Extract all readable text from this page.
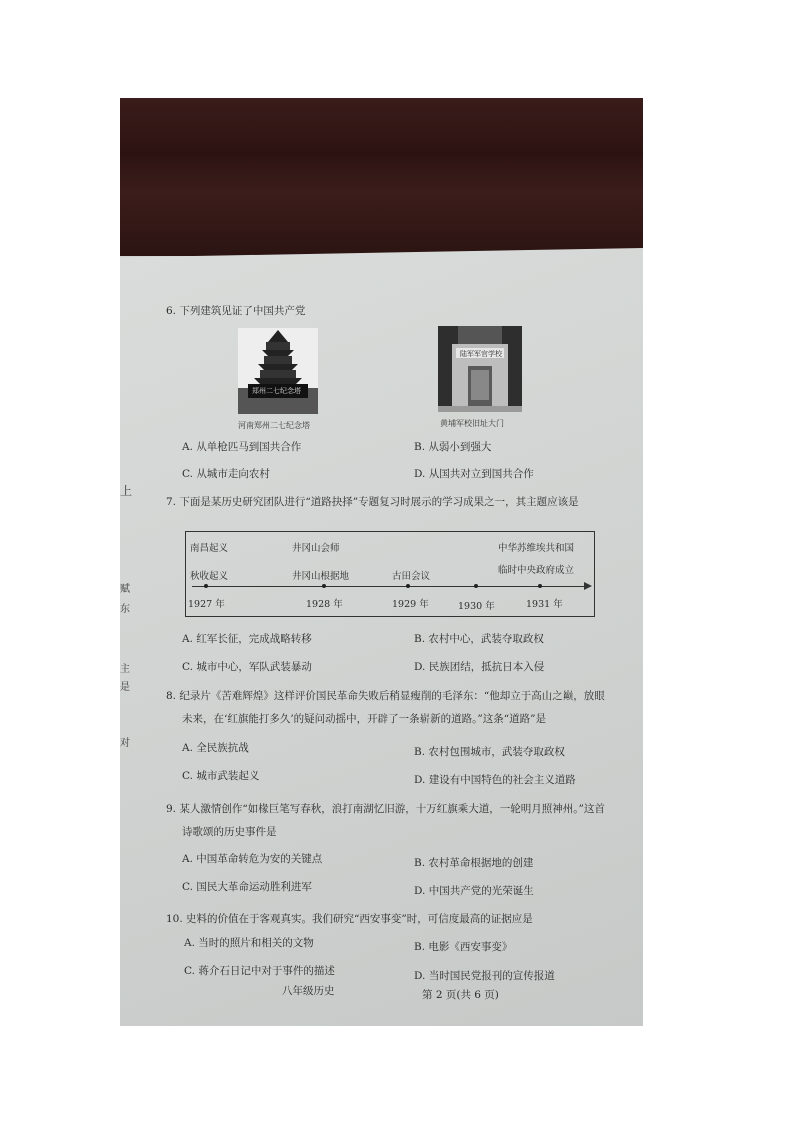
上
赋
东
主
是
对
6. 下列建筑见证了中国共产党
郑州二七纪念塔
河南郑州二七纪念塔
陆军军官学校
黄埔军校旧址大门
A. 从单枪匹马到国共合作	B. 从弱小到强大
C. 从城市走向农村	D. 从国共对立到国共合作
7. 下面是某历史研究团队进行“道路抉择”专题复习时展示的学习成果之一，其主题应该是
南昌起义
秋收起义
井冈山会师
井冈山根据地	古田会议
中华苏维埃共和国
临时中央政府成立
1927 年	1928 年	1929 年	1930 年	1931 年
A. 红军长征，完成战略转移	B. 农村中心，武装夺取政权
C. 城市中心，军队武装暴动	D. 民族团结，抵抗日本入侵
8. 纪录片《苦难辉煌》这样评价国民革命失败后稍显瘦削的毛泽东：“他却立于高山之巅，放眼
未来，在‘红旗能打多久’的疑问动摇中，开辟了一条崭新的道路。”这条“道路”是
A. 全民族抗战	B. 农村包围城市，武装夺取政权
C. 城市武装起义	D. 建设有中国特色的社会主义道路
9. 某人激情创作“如椽巨笔写春秋，浪打南湖忆旧游，十万红旗乘大道，一轮明月照神州。”这首
诗歌颂的历史事件是
A. 中国革命转危为安的关键点	B. 农村革命根据地的创建
C. 国民大革命运动胜利进军	D. 中国共产党的光荣诞生
10. 史料的价值在于客观真实。我们研究“西安事变”时，可信度最高的证据应是
A. 当时的照片和相关的文物	B. 电影《西安事变》
C. 蒋介石日记中对于事件的描述	D. 当时国民党报刊的宣传报道
八年级历史	第 2 页(共 6 页)
